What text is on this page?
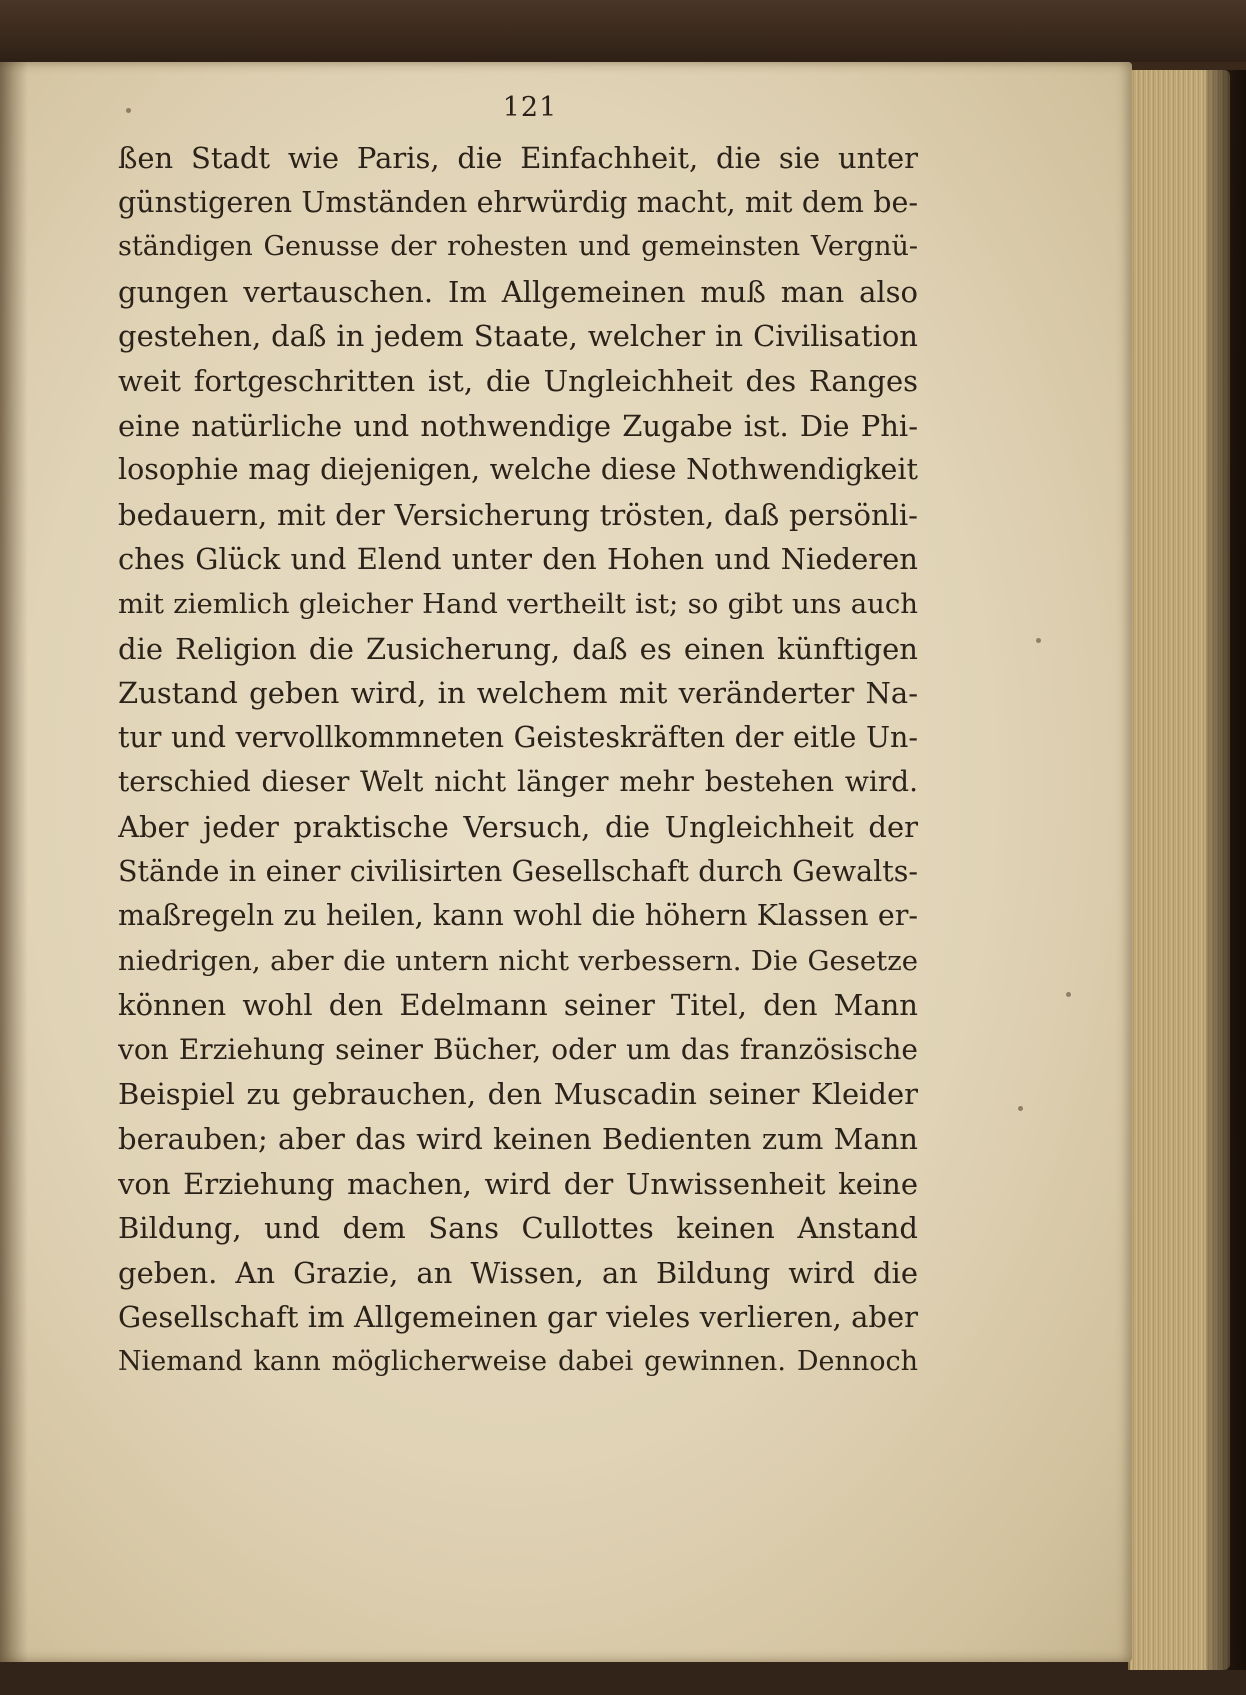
121
ßen Stadt wie Paris, die Einfachheit, die sie unter
günstigeren Umständen ehrwürdig macht, mit dem be-
ständigen Genusse der rohesten und gemeinsten Vergnü-
gungen vertauschen. Im Allgemeinen muß man also
gestehen, daß in jedem Staate, welcher in Civilisation
weit fortgeschritten ist, die Ungleichheit des Ranges
eine natürliche und nothwendige Zugabe ist. Die Phi-
losophie mag diejenigen, welche diese Nothwendigkeit
bedauern, mit der Versicherung trösten, daß persönli-
ches Glück und Elend unter den Hohen und Niederen
mit ziemlich gleicher Hand vertheilt ist; so gibt uns auch
die Religion die Zusicherung, daß es einen künftigen
Zustand geben wird, in welchem mit veränderter Na-
tur und vervollkommneten Geisteskräften der eitle Un-
terschied dieser Welt nicht länger mehr bestehen wird.
Aber jeder praktische Versuch, die Ungleichheit der
Stände in einer civilisirten Gesellschaft durch Gewalts-
maßregeln zu heilen, kann wohl die höhern Klassen er-
niedrigen, aber die untern nicht verbessern. Die Gesetze
können wohl den Edelmann seiner Titel, den Mann
von Erziehung seiner Bücher, oder um das französische
Beispiel zu gebrauchen, den Muscadin seiner Kleider
berauben; aber das wird keinen Bedienten zum Mann
von Erziehung machen, wird der Unwissenheit keine
Bildung, und dem Sans Cullottes keinen Anstand
geben. An Grazie, an Wissen, an Bildung wird die
Gesellschaft im Allgemeinen gar vieles verlieren, aber
Niemand kann möglicherweise dabei gewinnen. Dennoch
